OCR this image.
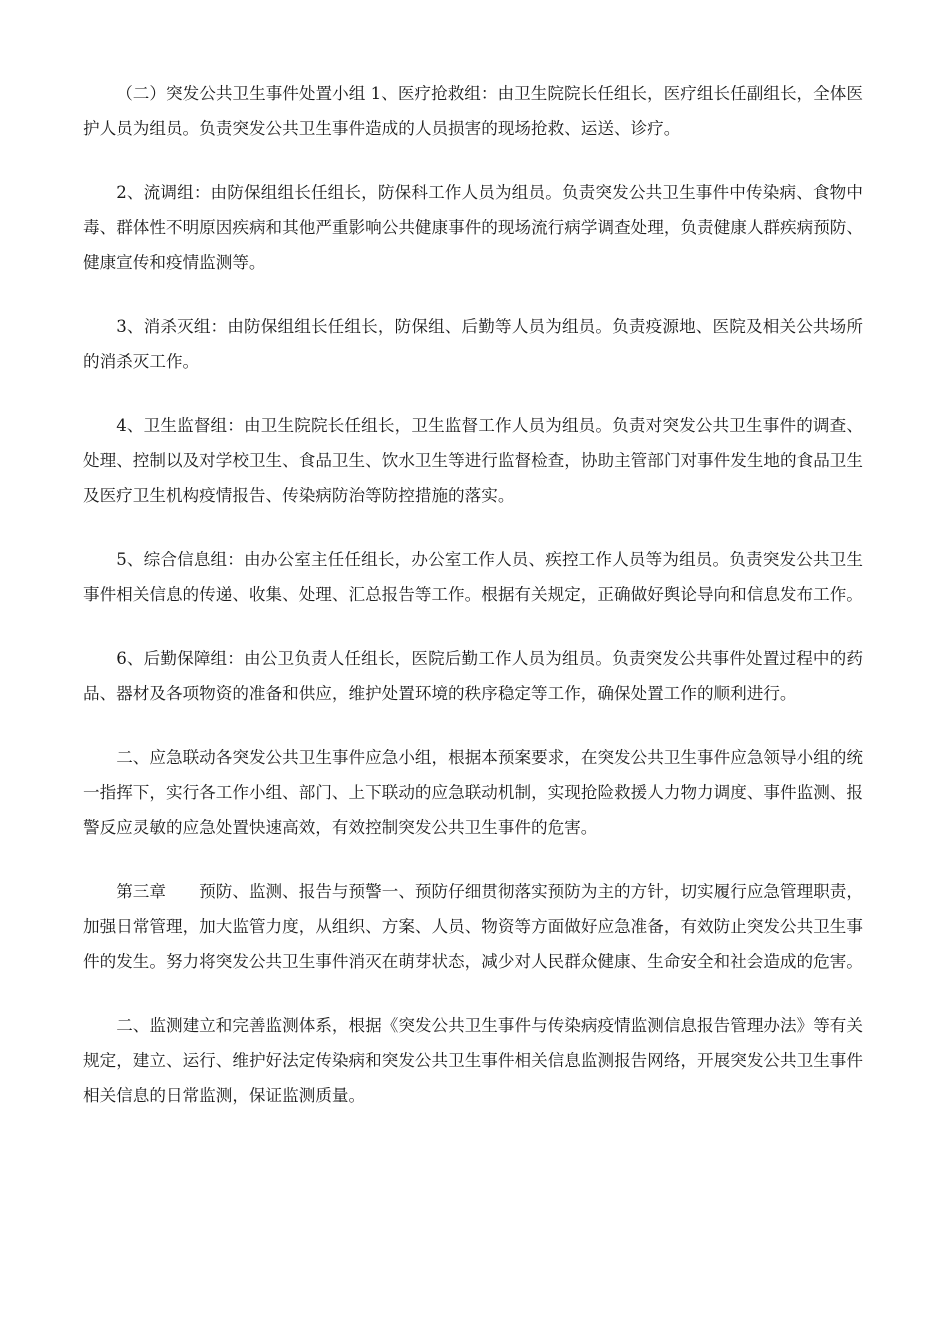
（二）突发公共卫生事件处置小组 1、医疗抢救组：由卫生院院长任组长，医疗组长任副组长，全体医护人员为组员。负责突发公共卫生事件造成的人员损害的现场抢救、运送、诊疗。

2、流调组：由防保组组长任组长，防保科工作人员为组员。负责突发公共卫生事件中传染病、食物中毒、群体性不明原因疾病和其他严重影响公共健康事件的现场流行病学调查处理，负责健康人群疾病预防、健康宣传和疫情监测等。

3、消杀灭组：由防保组组长任组长，防保组、后勤等人员为组员。负责疫源地、医院及相关公共场所的消杀灭工作。

4、卫生监督组：由卫生院院长任组长，卫生监督工作人员为组员。负责对突发公共卫生事件的调查、处理、控制以及对学校卫生、食品卫生、饮水卫生等进行监督检查，协助主管部门对事件发生地的食品卫生及医疗卫生机构疫情报告、传染病防治等防控措施的落实。

5、综合信息组：由办公室主任任组长，办公室工作人员、疾控工作人员等为组员。负责突发公共卫生事件相关信息的传递、收集、处理、汇总报告等工作。根据有关规定，正确做好舆论导向和信息发布工作。

6、后勤保障组：由公卫负责人任组长，医院后勤工作人员为组员。负责突发公共事件处置过程中的药品、器材及各项物资的准备和供应，维护处置环境的秩序稳定等工作，确保处置工作的顺利进行。

二、应急联动各突发公共卫生事件应急小组，根据本预案要求，在突发公共卫生事件应急领导小组的统一指挥下，实行各工作小组、部门、上下联动的应急联动机制，实现抢险救援人力物力调度、事件监测、报警反应灵敏的应急处置快速高效，有效控制突发公共卫生事件的危害。

第三章　　预防、监测、报告与预警一、预防仔细贯彻落实预防为主的方针，切实履行应急管理职责，加强日常管理，加大监管力度，从组织、方案、人员、物资等方面做好应急准备，有效防止突发公共卫生事件的发生。努力将突发公共卫生事件消灭在萌芽状态，减少对人民群众健康、生命安全和社会造成的危害。

二、监测建立和完善监测体系，根据《突发公共卫生事件与传染病疫情监测信息报告管理办法》等有关规定，建立、运行、维护好法定传染病和突发公共卫生事件相关信息监测报告网络，开展突发公共卫生事件相关信息的日常监测，保证监测质量。
